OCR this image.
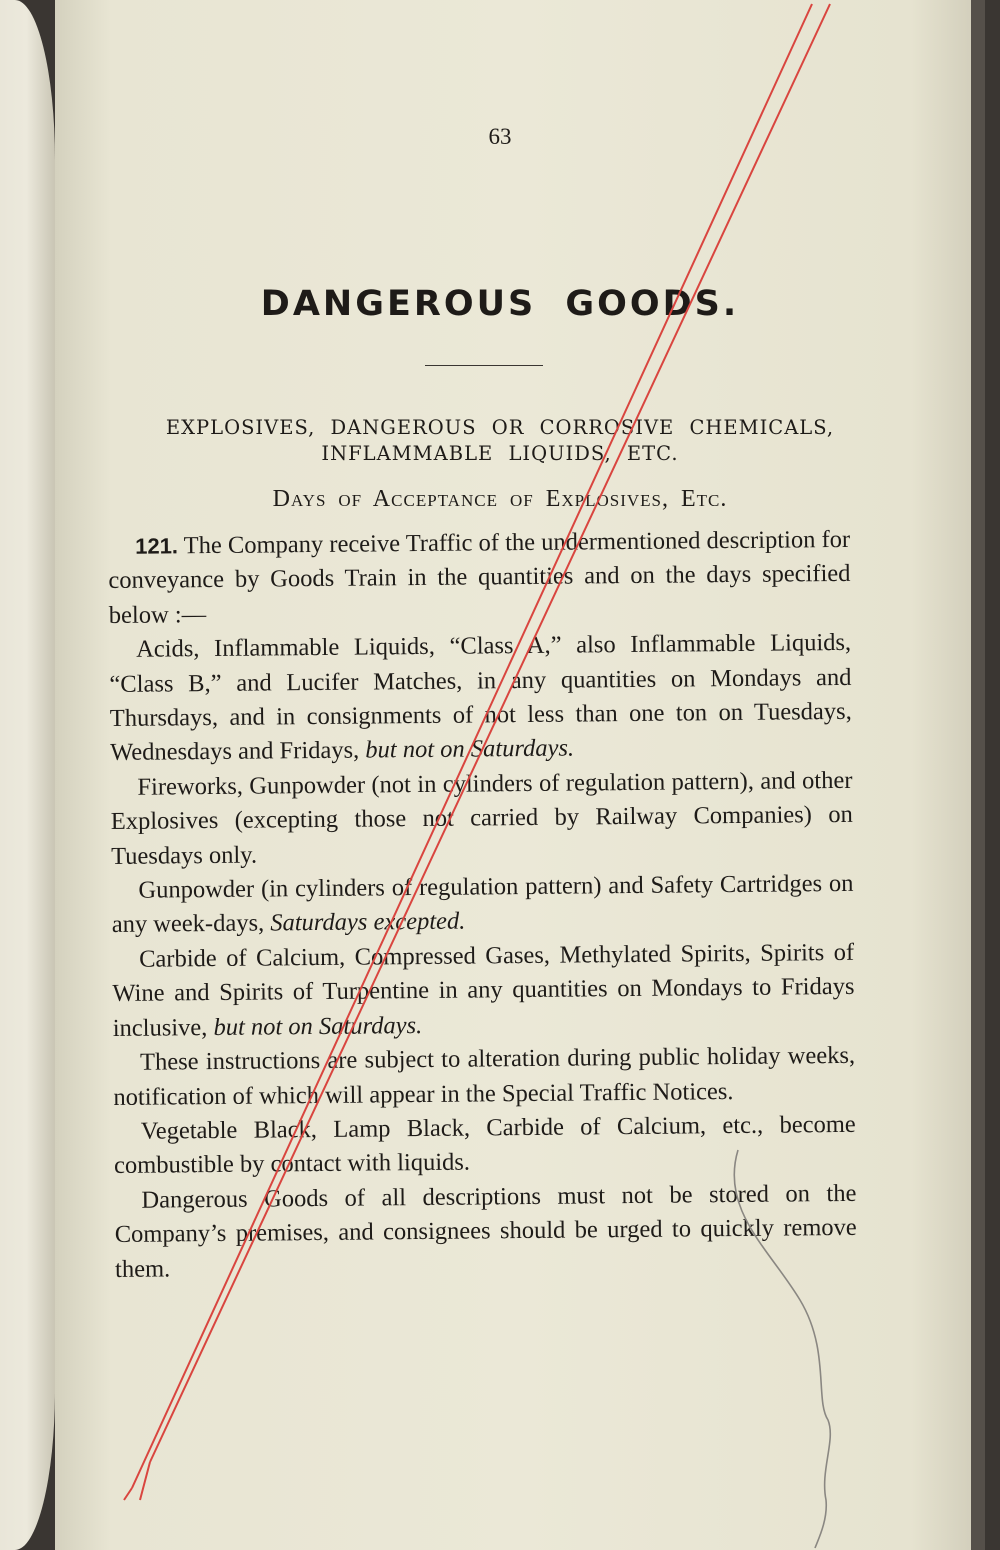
63
DANGEROUS GOODS.
EXPLOSIVES, DANGEROUS OR CORROSIVE CHEMICALS,
INFLAMMABLE LIQUIDS, ETC.
Days of Acceptance of Explosives, Etc.

121. The Company receive Traffic of the undermentioned description for conveyance by Goods Train in the quantities and on the days specified below :—

Acids, Inflammable Liquids, “Class A,” also Inflammable Liquids, “Class B,” and Lucifer Matches, in any quantities on Mondays and Thursdays, and in consignments of not less than one ton on Tuesdays, Wednesdays and Fridays, but not on Saturdays.

Fireworks, Gunpowder (not in cylinders of regulation pattern), and other Explosives (excepting those not carried by Railway Companies) on Tuesdays only.

Gunpowder (in cylinders of regulation pattern) and Safety Cartridges on any week-days, Saturdays excepted.

Carbide of Calcium, Compressed Gases, Methylated Spirits, Spirits of Wine and Spirits of Turpentine in any quantities on Mondays to Fridays inclusive, but not on Saturdays.

These instructions are subject to alteration during public holiday weeks, notification of which will appear in the Special Traffic Notices.

Vegetable Black, Lamp Black, Carbide of Calcium, etc., become combustible by contact with liquids.

Dangerous Goods of all descriptions must not be stored on the Company’s premises, and consignees should be urged to quickly remove them.
